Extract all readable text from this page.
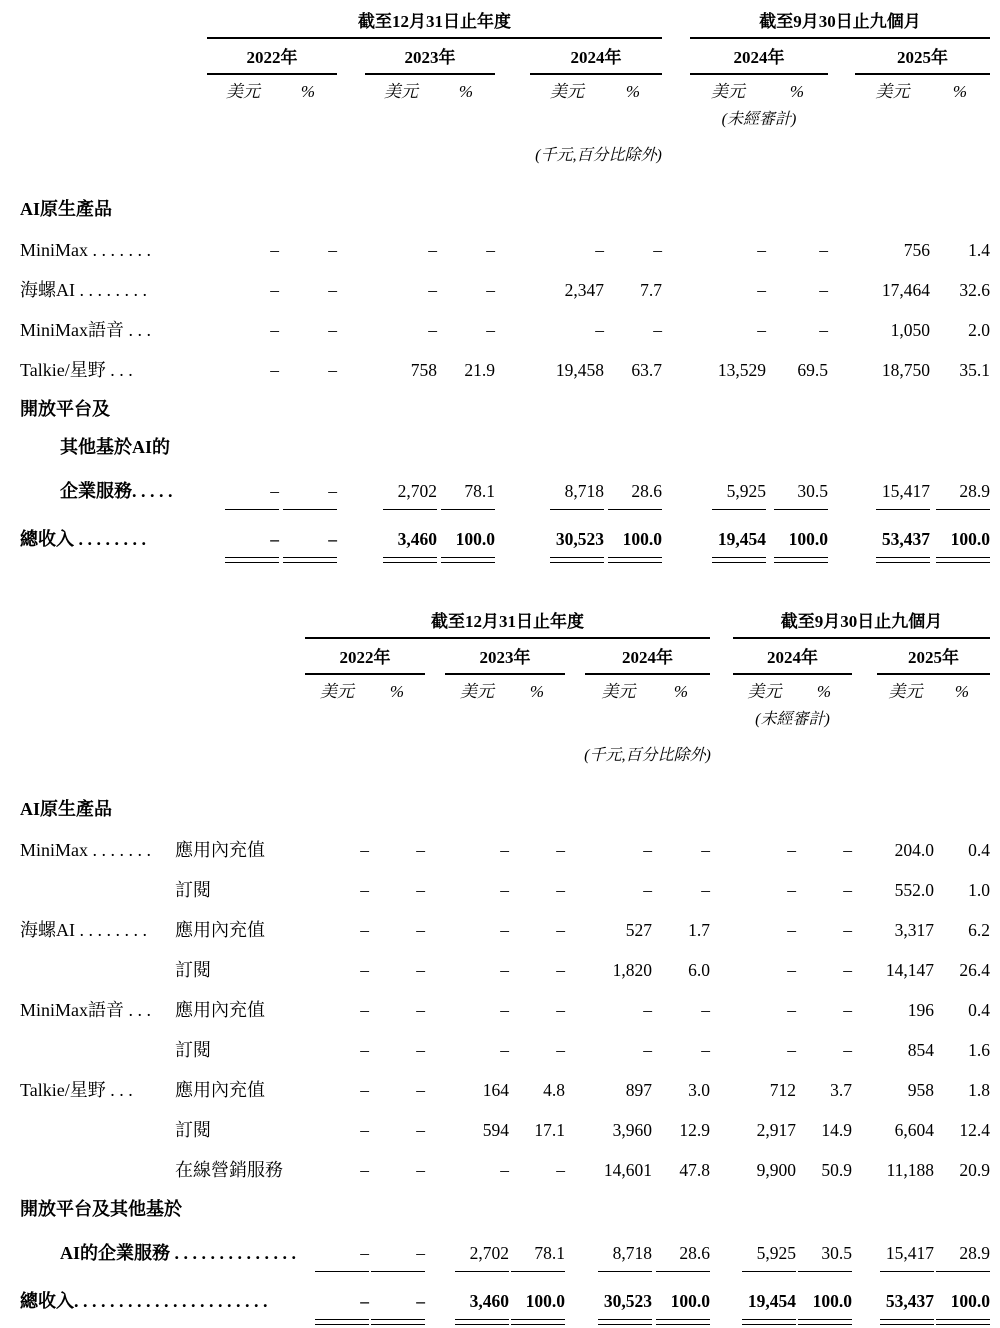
	截至12月31日止年度									截至9月30日止九個月				
	2022年			2023年			2024年			2024年			2025年	
	美元	%		美元	%		美元	%		美元	%		美元	%
										(未經審計)				
	(千元,百分比除外)													
AI原生產品														
MiniMax . . . . . . .	–	–		–	–		–	–		–	–		756	1.4
海螺AI . . . . . . . .	–	–		–	–		2,347	7.7		–	–		17,464	32.6
MiniMax語音 . . .	–	–		–	–		–	–		–	–		1,050	2.0
Talkie/星野 . . .	–	–		758	21.9		19,458	63.7		13,529	69.5		18,750	35.1
開放平台及														
其他基於AI的														
企業服務. . . . .	–	–		2,702	78.1		8,718	28.6		5,925	30.5		15,417	28.9
總收入 . . . . . . . .	–	–		3,460	100.0		30,523	100.0		19,454	100.0		53,437	100.0
		截至12月31日止年度									截至9月30日止九個月				
		2022年			2023年			2024年			2024年			2025年	
		美元	%		美元	%		美元	%		美元	%		美元	%
											(未經審計)				
		(千元,百分比除外)													
AI原生產品															
MiniMax . . . . . . .	應用內充值	–	–		–	–		–	–		–	–		204.0	0.4
	訂閱	–	–		–	–		–	–		–	–		552.0	1.0
海螺AI . . . . . . . .	應用內充值	–	–		–	–		527	1.7		–	–		3,317	6.2
	訂閱	–	–		–	–		1,820	6.0		–	–		14,147	26.4
MiniMax語音 . . .	應用內充值	–	–		–	–		–	–		–	–		196	0.4
	訂閱	–	–		–	–		–	–		–	–		854	1.6
Talkie/星野 . . .	應用內充值	–	–		164	4.8		897	3.0		712	3.7		958	1.8
	訂閱	–	–		594	17.1		3,960	12.9		2,917	14.9		6,604	12.4
	在線營銷服務	–	–		–	–		14,601	47.8		9,900	50.9		11,188	20.9
開放平台及其他基於															
AI的企業服務 . . . . . . . . . . . . . .		–	–		2,702	78.1		8,718	28.6		5,925	30.5		15,417	28.9
總收入. . . . . . . . . . . . . . . . . . . . . .		–	–		3,460	100.0		30,523	100.0		19,454	100.0		53,437	100.0
